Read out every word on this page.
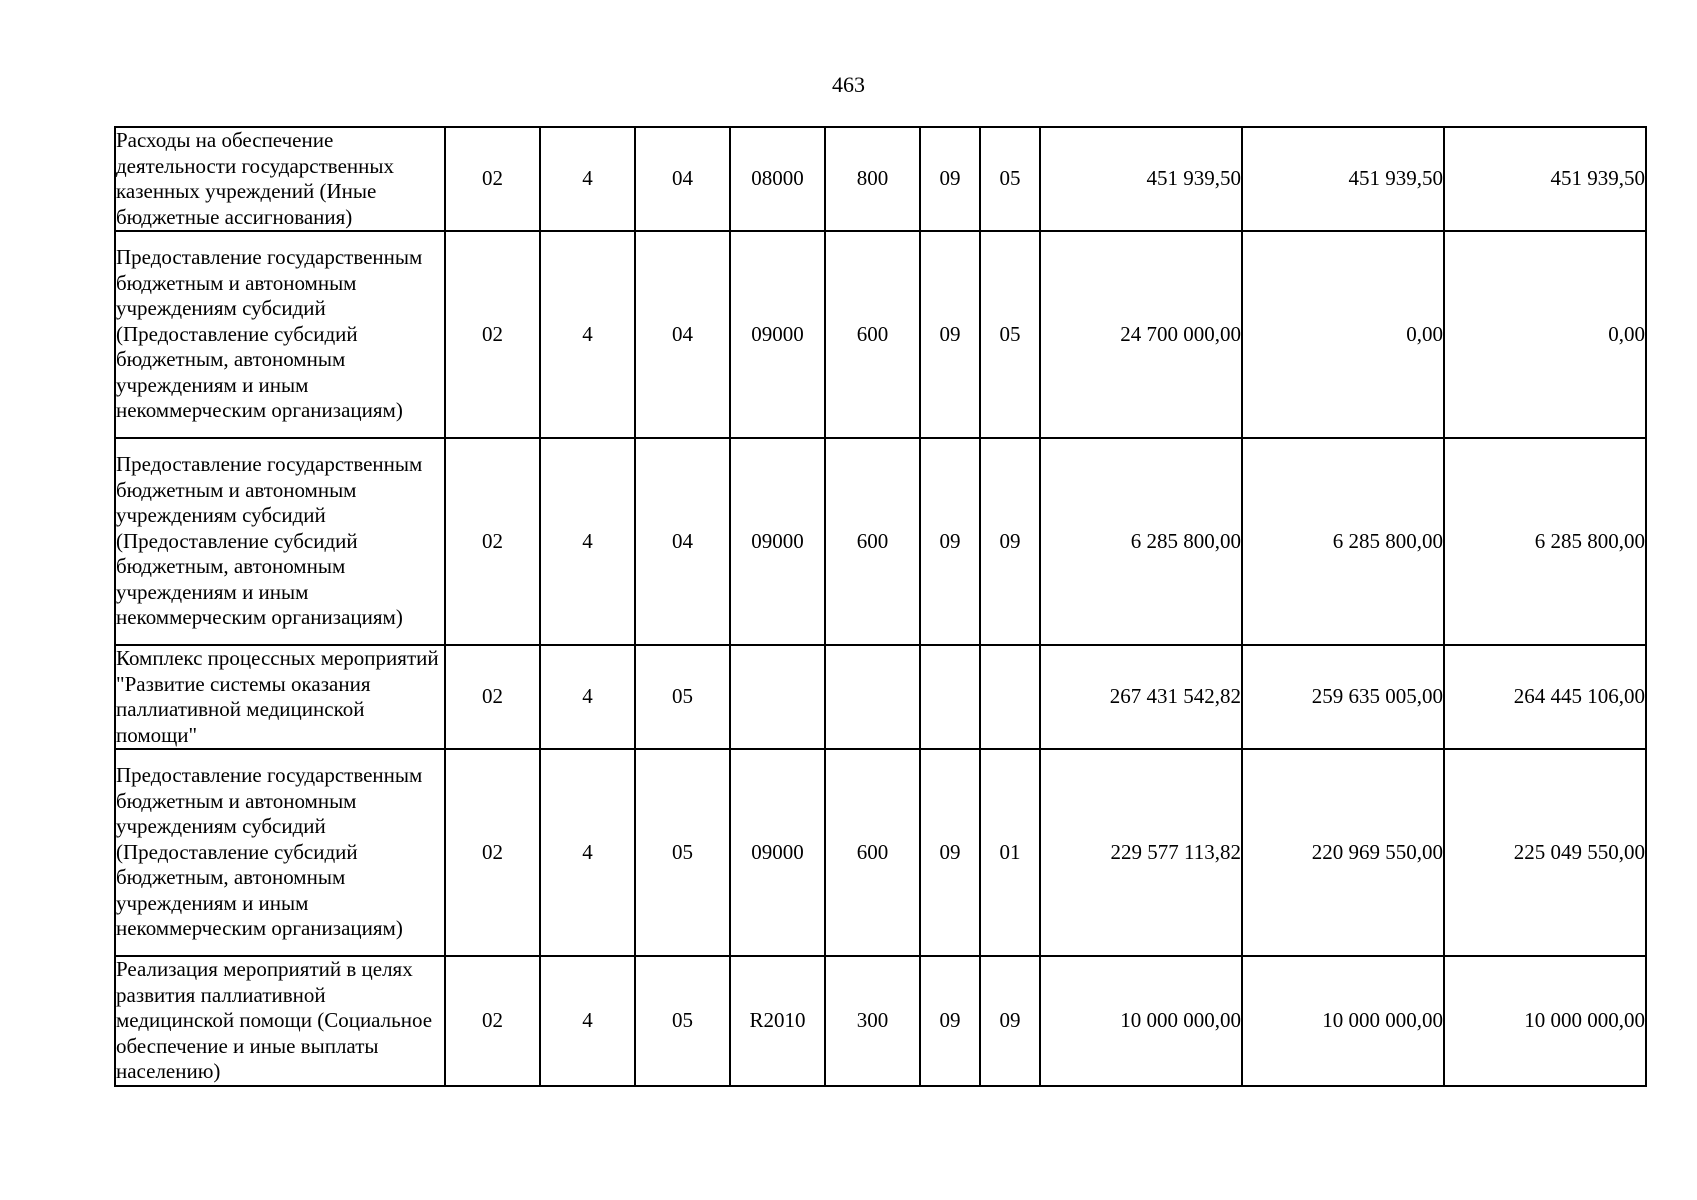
463
Расходы на обеспечение деятельности государственных казенных учреждений (Иные бюджетные ассигнования)	02	4	04	08000	800	09	05	451 939,50	451 939,50	451 939,50
Предоставление государственным бюджетным и автономным учреждениям субсидий (Предоставление субсидий бюджетным, автономным учреждениям и иным некоммерческим организациям)	02	4	04	09000	600	09	05	24 700 000,00	0,00	0,00
Предоставление государственным бюджетным и автономным учреждениям субсидий (Предоставление субсидий бюджетным, автономным учреждениям и иным некоммерческим организациям)	02	4	04	09000	600	09	09	6 285 800,00	6 285 800,00	6 285 800,00
Комплекс процессных мероприятий "Развитие системы оказания паллиативной медицинской помощи"	02	4	05					267 431 542,82	259 635 005,00	264 445 106,00
Предоставление государственным бюджетным и автономным учреждениям субсидий (Предоставление субсидий бюджетным, автономным учреждениям и иным некоммерческим организациям)	02	4	05	09000	600	09	01	229 577 113,82	220 969 550,00	225 049 550,00
Реализация мероприятий в целях развития паллиативной медицинской помощи (Социальное обеспечение и иные выплаты населению)	02	4	05	R2010	300	09	09	10 000 000,00	10 000 000,00	10 000 000,00
